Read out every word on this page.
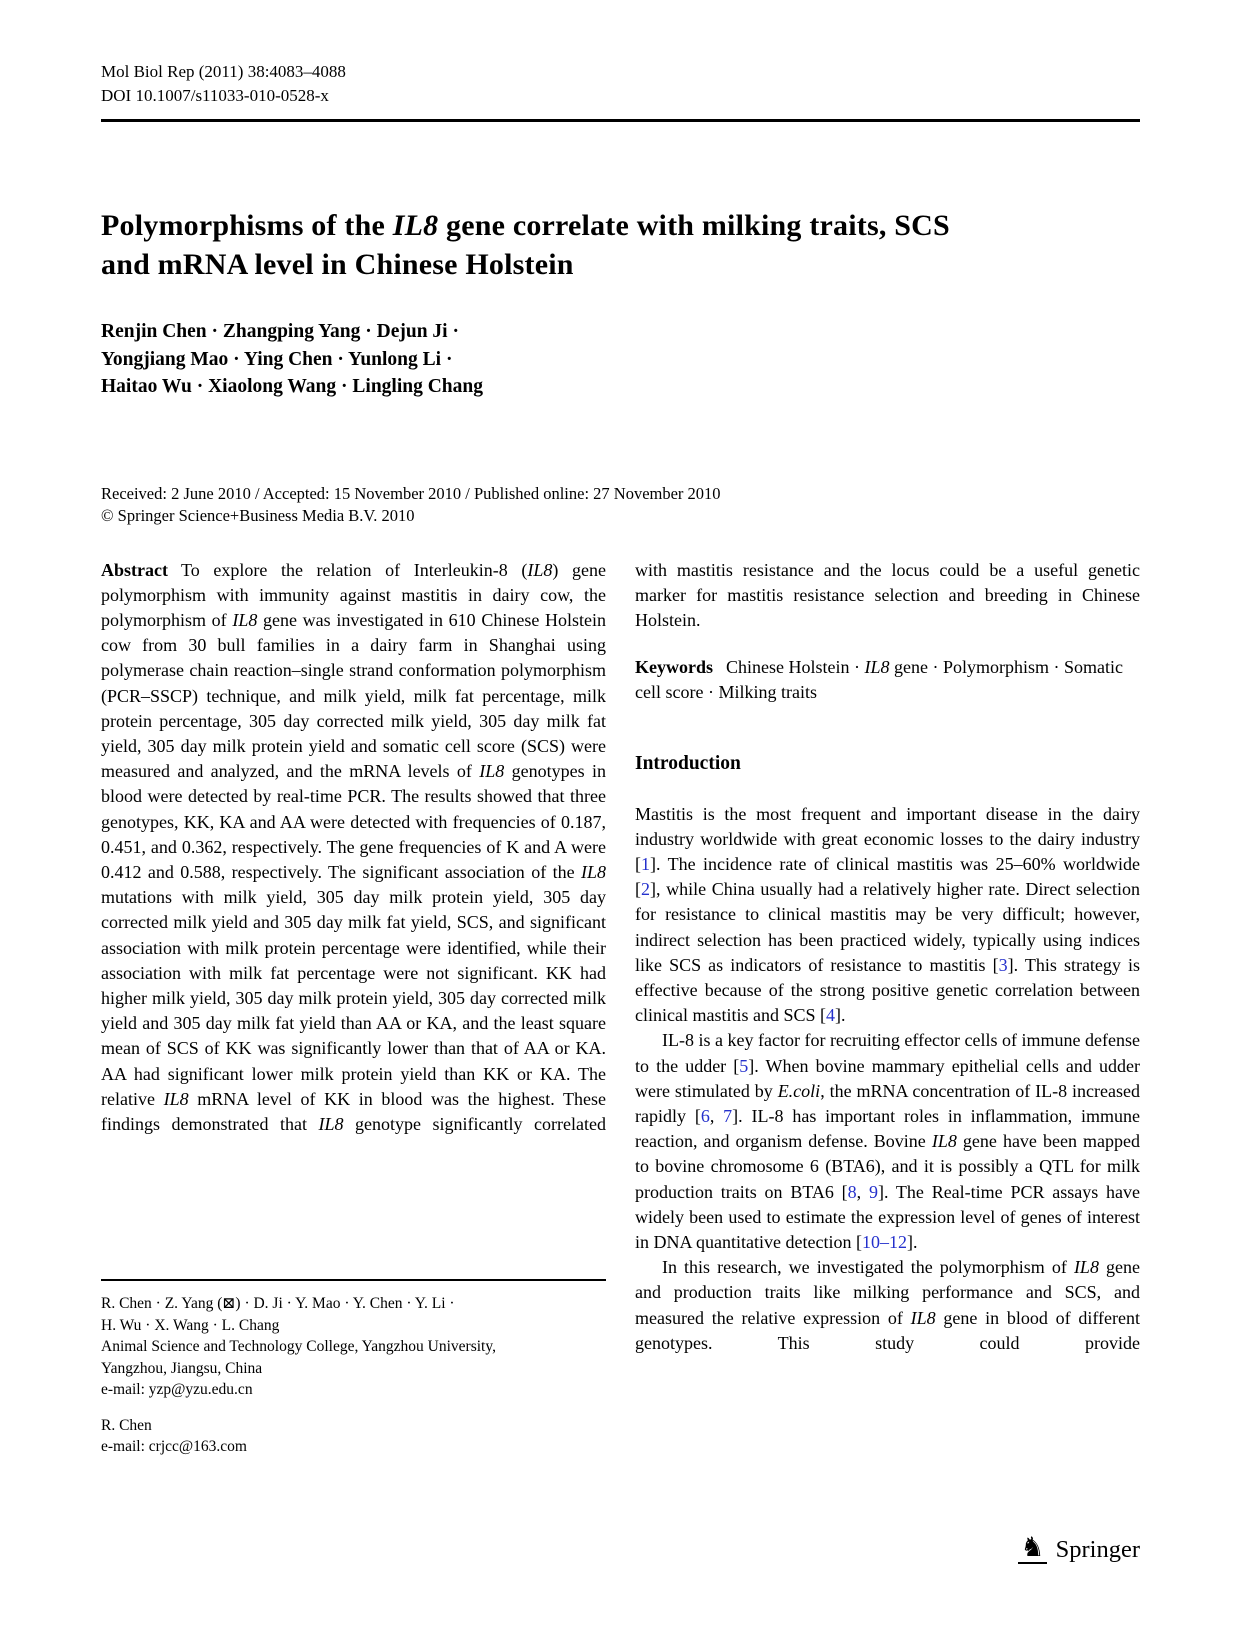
Mol Biol Rep (2011) 38:4083–4088
DOI 10.1007/s11033-010-0528-x
Polymorphisms of the IL8 gene correlate with milking traits, SCS
and mRNA level in Chinese Holstein
Renjin Chen · Zhangping Yang · Dejun Ji ·
Yongjiang Mao · Ying Chen · Yunlong Li ·
Haitao Wu · Xiaolong Wang · Lingling Chang
Received: 2 June 2010 / Accepted: 15 November 2010 / Published online: 27 November 2010
© Springer Science+Business Media B.V. 2010

Abstract To explore the relation of Interleukin-8 (IL8) gene polymorphism with immunity against mastitis in dairy cow, the polymorphism of IL8 gene was investigated in 610 Chinese Holstein cow from 30 bull families in a dairy farm in Shanghai using polymerase chain reaction–single strand conformation polymorphism (PCR–SSCP) technique, and milk yield, milk fat percentage, milk protein percentage, 305 day corrected milk yield, 305 day milk fat yield, 305 day milk protein yield and somatic cell score (SCS) were measured and analyzed, and the mRNA levels of IL8 genotypes in blood were detected by real-time PCR. The results showed that three genotypes, KK, KA and AA were detected with frequencies of 0.187, 0.451, and 0.362, respectively. The gene frequencies of K and A were 0.412 and 0.588, respectively. The significant association of the IL8 mutations with milk yield, 305 day milk protein yield, 305 day corrected milk yield and 305 day milk fat yield, SCS, and significant association with milk protein percentage were identified, while their association with milk fat percentage were not significant. KK had higher milk yield, 305 day milk protein yield, 305 day corrected milk yield and 305 day milk fat yield than AA or KA, and the least square mean of SCS of KK was significantly lower than that of AA or KA. AA had significant lower milk protein yield than KK or KA. The relative IL8 mRNA level of KK in blood was the highest. These findings demonstrated that IL8 genotype significantly correlated

R. Chen · Z. Yang (⊠) · D. Ji · Y. Mao · Y. Chen · Y. Li ·
H. Wu · X. Wang · L. Chang
Animal Science and Technology College, Yangzhou University,
Yangzhou, Jiangsu, China
e-mail: yzp@yzu.edu.cn
R. Chen
e-mail: crjcc@163.com

with mastitis resistance and the locus could be a useful genetic marker for mastitis resistance selection and breeding in Chinese Holstein.

Keywords Chinese Holstein · IL8 gene · Polymorphism · Somatic cell score · Milking traits

Introduction

Mastitis is the most frequent and important disease in the dairy industry worldwide with great economic losses to the dairy industry [1]. The incidence rate of clinical mastitis was 25–60% worldwide [2], while China usually had a relatively higher rate. Direct selection for resistance to clinical mastitis may be very difficult; however, indirect selection has been practiced widely, typically using indices like SCS as indicators of resistance to mastitis [3]. This strategy is effective because of the strong positive genetic correlation between clinical mastitis and SCS [4].

IL-8 is a key factor for recruiting effector cells of immune defense to the udder [5]. When bovine mammary epithelial cells and udder were stimulated by E.coli, the mRNA concentration of IL-8 increased rapidly [6, 7]. IL-8 has important roles in inflammation, immune reaction, and organism defense. Bovine IL8 gene have been mapped to bovine chromosome 6 (BTA6), and it is possibly a QTL for milk production traits on BTA6 [8, 9]. The Real-time PCR assays have widely been used to estimate the expression level of genes of interest in DNA quantitative detection [10–12].

In this research, we investigated the polymorphism of IL8 gene and production traits like milking performance and SCS, and measured the relative expression of IL8 gene in blood of different genotypes. This study could provide

♞ Springer
